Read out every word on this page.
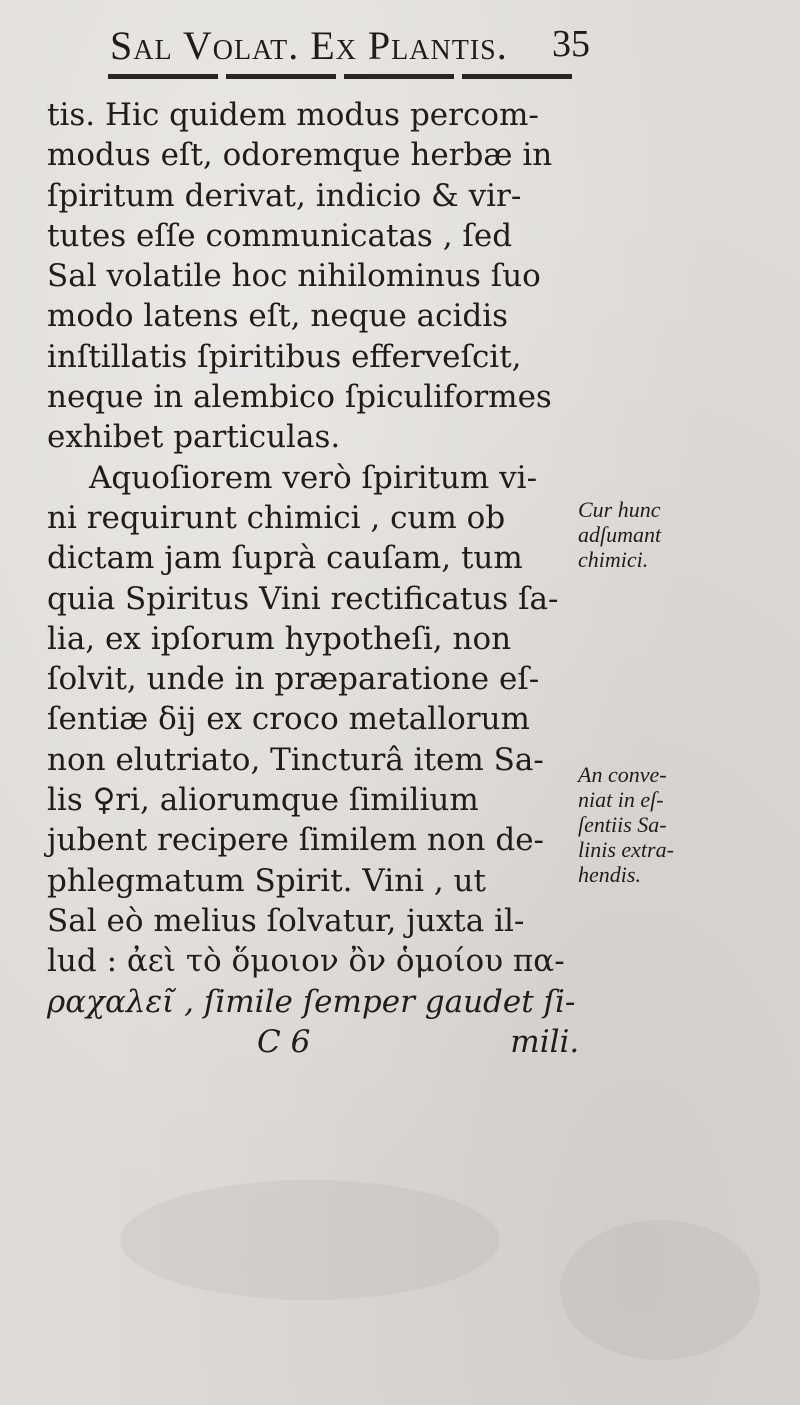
Sal Volat. Ex Plantis. 35
tis. Hic quidem modus percom-
modus eſt, odoremque herbæ in
ſpiritum derivat, indicio & vir-
tutes eſſe communicatas , ſed
Sal volatile hoc nihilominus ſuo
modo latens eſt, neque acidis
inſtillatis ſpiritibus efferveſcit,
neque in alembico ſpiculiformes
exhibet particulas.
Aquoſiorem verò ſpiritum vi-
ni requirunt chimici , cum ob
dictam jam ſuprà cauſam, tum
quia Spiritus Vini rectificatus ſa-
lia, ex ipſorum hypotheſi, non
ſolvit, unde in præparatione eſ-
ſentiæ δij ex croco metallorum
non elutriato, Tincturâ item Sa-
lis ♀ri, aliorumque ſimilium
jubent recipere ſimilem non de-
phlegmatum Spirit. Vini , ut
Sal eò melius ſolvatur, juxta il-
lud : ἀεὶ τὸ ὅμοιον ὂν ὁμοίου πα-
ραχαλεῖ , ſimile ſemper gaudet ſi-
C 6	mili.
Cur hunc
adſumant
chimici.
An conve-
niat in eſ-
ſentiis Sa-
linis extra-
hendis.
